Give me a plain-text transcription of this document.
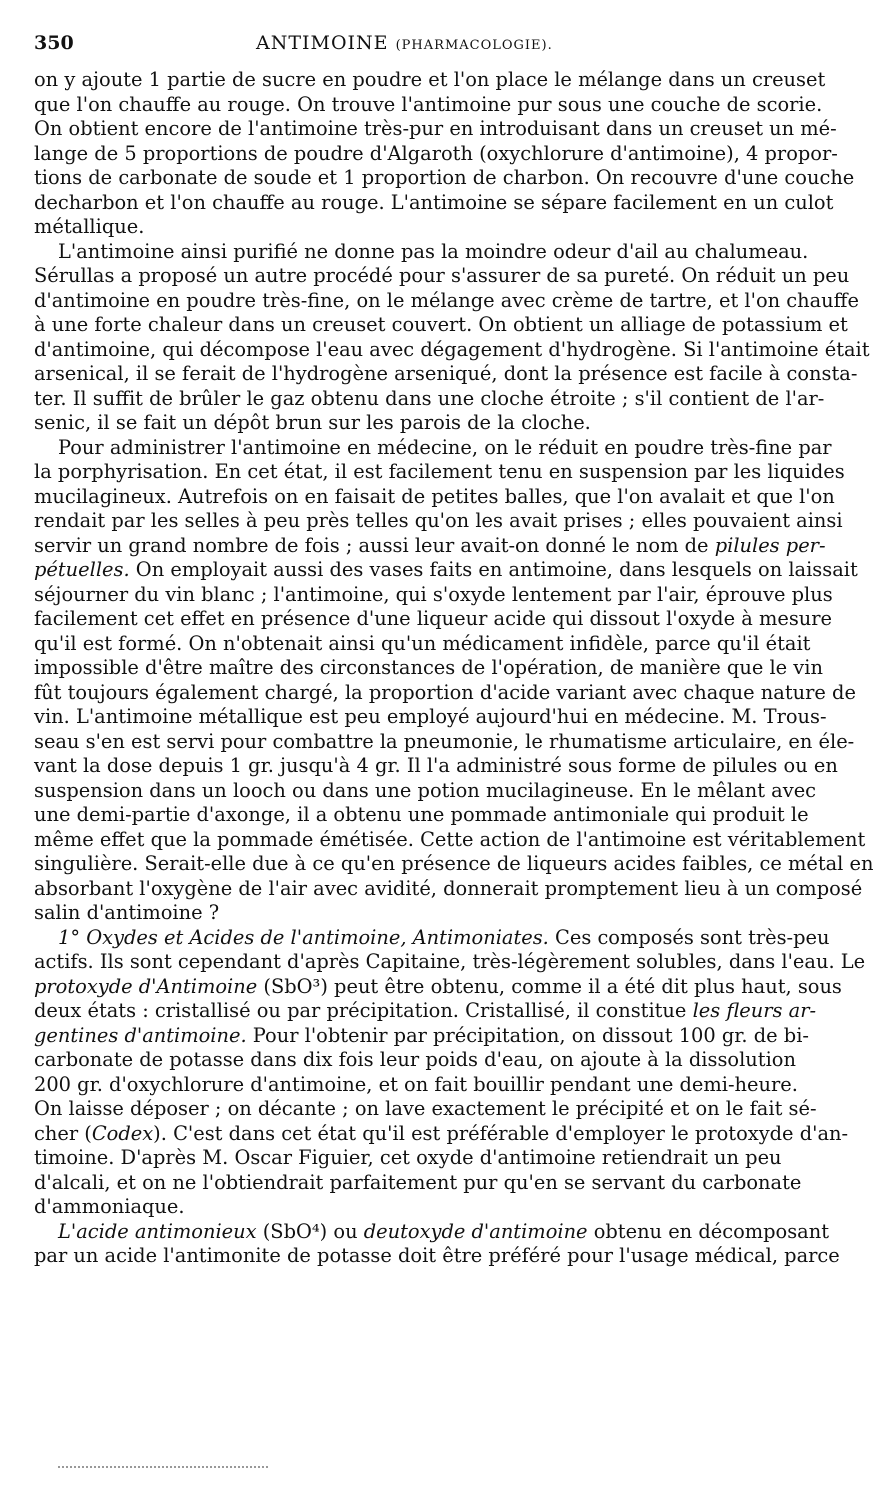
350	ANTIMOINE (PHARMACOLOGIE).
on y ajoute 1 partie de sucre en poudre et l'on place le mélange dans un creuset
que l'on chauffe au rouge. On trouve l'antimoine pur sous une couche de scorie.
On obtient encore de l'antimoine très-pur en introduisant dans un creuset un mé-
lange de 5 proportions de poudre d'Algaroth (oxychlorure d'antimoine), 4 propor-
tions de carbonate de soude et 1 proportion de charbon. On recouvre d'une couche
decharbon et l'on chauffe au rouge. L'antimoine se sépare facilement en un culot
métallique.
L'antimoine ainsi purifié ne donne pas la moindre odeur d'ail au chalumeau.
Sérullas a proposé un autre procédé pour s'assurer de sa pureté. On réduit un peu
d'antimoine en poudre très-fine, on le mélange avec crème de tartre, et l'on chauffe
à une forte chaleur dans un creuset couvert. On obtient un alliage de potassium et
d'antimoine, qui décompose l'eau avec dégagement d'hydrogène. Si l'antimoine était
arsenical, il se ferait de l'hydrogène arseniqué, dont la présence est facile à consta-
ter. Il suffit de brûler le gaz obtenu dans une cloche étroite ; s'il contient de l'ar-
senic, il se fait un dépôt brun sur les parois de la cloche.
Pour administrer l'antimoine en médecine, on le réduit en poudre très-fine par
la porphyrisation. En cet état, il est facilement tenu en suspension par les liquides
mucilagineux. Autrefois on en faisait de petites balles, que l'on avalait et que l'on
rendait par les selles à peu près telles qu'on les avait prises ; elles pouvaient ainsi
servir un grand nombre de fois ; aussi leur avait-on donné le nom de pilules per-
pétuelles. On employait aussi des vases faits en antimoine, dans lesquels on laissait
séjourner du vin blanc ; l'antimoine, qui s'oxyde lentement par l'air, éprouve plus
facilement cet effet en présence d'une liqueur acide qui dissout l'oxyde à mesure
qu'il est formé. On n'obtenait ainsi qu'un médicament infidèle, parce qu'il était
impossible d'être maître des circonstances de l'opération, de manière que le vin
fût toujours également chargé, la proportion d'acide variant avec chaque nature de
vin. L'antimoine métallique est peu employé aujourd'hui en médecine. M. Trous-
seau s'en est servi pour combattre la pneumonie, le rhumatisme articulaire, en éle-
vant la dose depuis 1 gr. jusqu'à 4 gr. Il l'a administré sous forme de pilules ou en
suspension dans un looch ou dans une potion mucilagineuse. En le mêlant avec
une demi-partie d'axonge, il a obtenu une pommade antimoniale qui produit le
même effet que la pommade émétisée. Cette action de l'antimoine est véritablement
singulière. Serait-elle due à ce qu'en présence de liqueurs acides faibles, ce métal en
absorbant l'oxygène de l'air avec avidité, donnerait promptement lieu à un composé
salin d'antimoine ?
1° Oxydes et Acides de l'antimoine, Antimoniates. Ces composés sont très-peu
actifs. Ils sont cependant d'après Capitaine, très-légèrement solubles, dans l'eau. Le
protoxyde d'Antimoine (SbO³) peut être obtenu, comme il a été dit plus haut, sous
deux états : cristallisé ou par précipitation. Cristallisé, il constitue les fleurs ar-
gentines d'antimoine. Pour l'obtenir par précipitation, on dissout 100 gr. de bi-
carbonate de potasse dans dix fois leur poids d'eau, on ajoute à la dissolution
200 gr. d'oxychlorure d'antimoine, et on fait bouillir pendant une demi-heure.
On laisse déposer ; on décante ; on lave exactement le précipité et on le fait sé-
cher (Codex). C'est dans cet état qu'il est préférable d'employer le protoxyde d'an-
timoine. D'après M. Oscar Figuier, cet oxyde d'antimoine retiendrait un peu
d'alcali, et on ne l'obtiendrait parfaitement pur qu'en se servant du carbonate
d'ammoniaque.
L'acide antimonieux (SbO⁴) ou deutoxyde d'antimoine obtenu en décomposant
par un acide l'antimonite de potasse doit être préféré pour l'usage médical, parce
